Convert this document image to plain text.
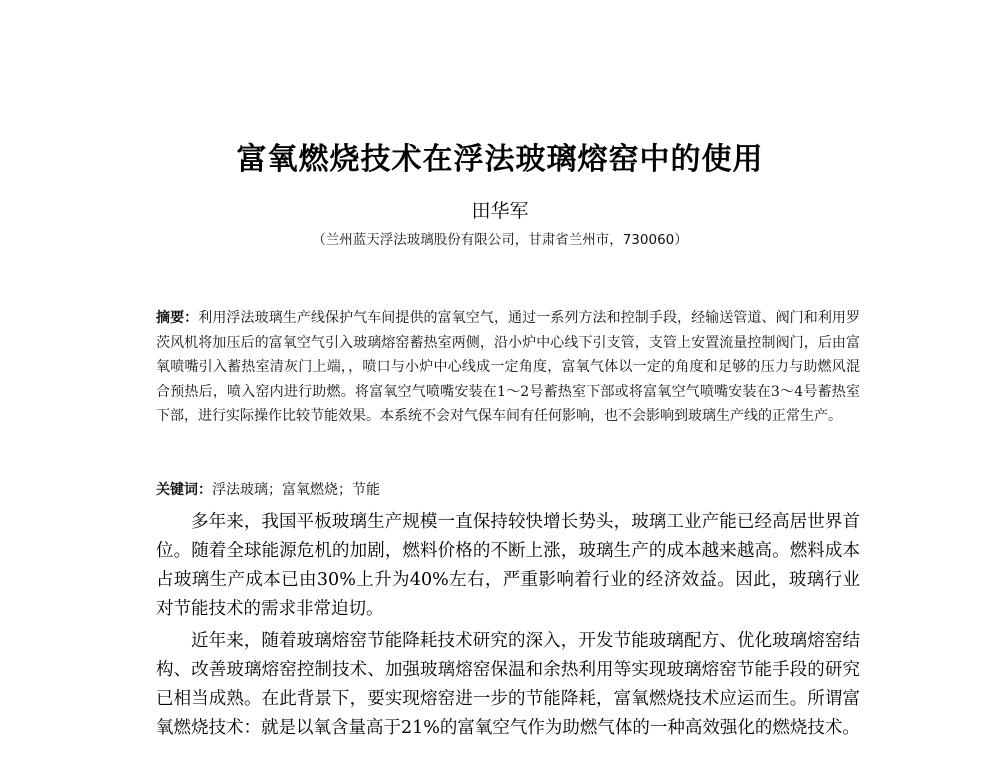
富氧燃烧技术在浮法玻璃熔窑中的使用
田华军
（兰州蓝天浮法玻璃股份有限公司，甘肃省兰州市，730060）
摘要：利用浮法玻璃生产线保护气车间提供的富氧空气，通过一系列方法和控制手段，经输送管道、阀门和利用罗茨风机将加压后的富氧空气引入玻璃熔窑蓄热室两侧，沿小炉中心线下引支管，支管上安置流量控制阀门，后由富氧喷嘴引入蓄热室清灰门上端，，喷口与小炉中心线成一定角度，富氧气体以一定的角度和足够的压力与助燃风混合预热后，喷入窑内进行助燃。将富氧空气喷嘴安装在1～2号蓄热室下部或将富氧空气喷嘴安装在3～4号蓄热室下部，进行实际操作比较节能效果。本系统不会对气保车间有任何影响，也不会影响到玻璃生产线的正常生产。
关键词：浮法玻璃；富氧燃烧；节能

多年来，我国平板玻璃生产规模一直保持较快增长势头，玻璃工业产能已经高居世界首位。随着全球能源危机的加剧，燃料价格的不断上涨，玻璃生产的成本越来越高。燃料成本占玻璃生产成本已由30%上升为40%左右，严重影响着行业的经济效益。因此，玻璃行业对节能技术的需求非常迫切。

近年来，随着玻璃熔窑节能降耗技术研究的深入，开发节能玻璃配方、优化玻璃熔窑结构、改善玻璃熔窑控制技术、加强玻璃熔窑保温和余热利用等实现玻璃熔窑节能手段的研究已相当成熟。在此背景下，要实现熔窑进一步的节能降耗，富氧燃烧技术应运而生。所谓富氧燃烧技术：就是以氧含量高于21%的富氧空气作为助燃气体的一种高效强化的燃烧技术。
